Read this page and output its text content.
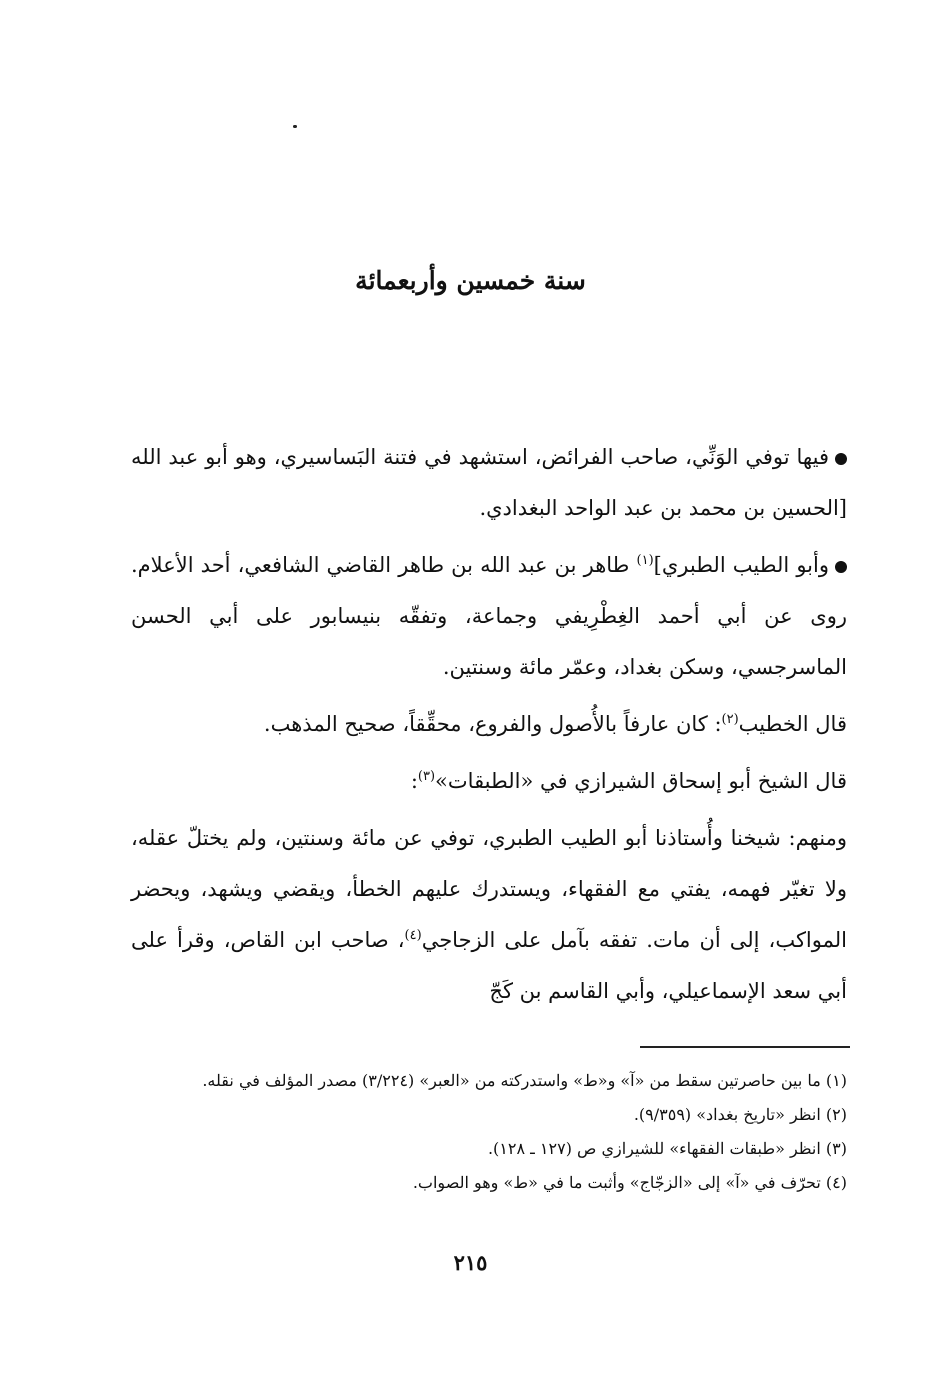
سنة خمسين وأربعمائة

فيها توفي الوَنِّي، صاحب الفرائض، استشهد في فتنة البَساسيري، وهو أبو عبد الله [الحسين بن محمد بن عبد الواحد البغدادي.

وأبو الطيب الطبري]$^{(١)}$ طاهر بن عبد الله بن طاهر القاضي الشافعي، أحد الأعلام. روى عن أبي أحمد الغِطْرِيفي وجماعة، وتفقّه بنيسابور على أبي الحسن الماسرجسي، وسكن بغداد، وعمّر مائة وسنتين.

قال الخطيب$^{(٢)}$: كان عارفاً بالأُصول والفروع، محقِّقاً، صحيح المذهب.

قال الشيخ أبو إسحاق الشيرازي في «الطبقات»$^{(٣)}$:

ومنهم: شيخنا وأُستاذنا أبو الطيب الطبري، توفي عن مائة وسنتين، ولم يختلّ عقله، ولا تغيّر فهمه، يفتي مع الفقهاء، ويستدرك عليهم الخطأ، ويقضي ويشهد، ويحضر المواكب، إلى أن مات. تفقه بآمل على الزجاجي$^{(٤)}$، صاحب ابن القاص، وقرأ على أبي سعد الإسماعيلي، وأبي القاسم بن كَجّ

(١) ما بين حاصرتين سقط من «آ» و«ط» واستدركته من «العبر» (٣/٢٢٤) مصدر المؤلف في نقله.

(٢) انظر «تاريخ بغداد» (٩/٣٥٩).

(٣) انظر «طبقات الفقهاء» للشيرازي ص (١٢٧ ـ ١٢٨).

(٤) تحرّف في «آ» إلى «الزجّاج» وأثبت ما في «ط» وهو الصواب.

٢١٥
